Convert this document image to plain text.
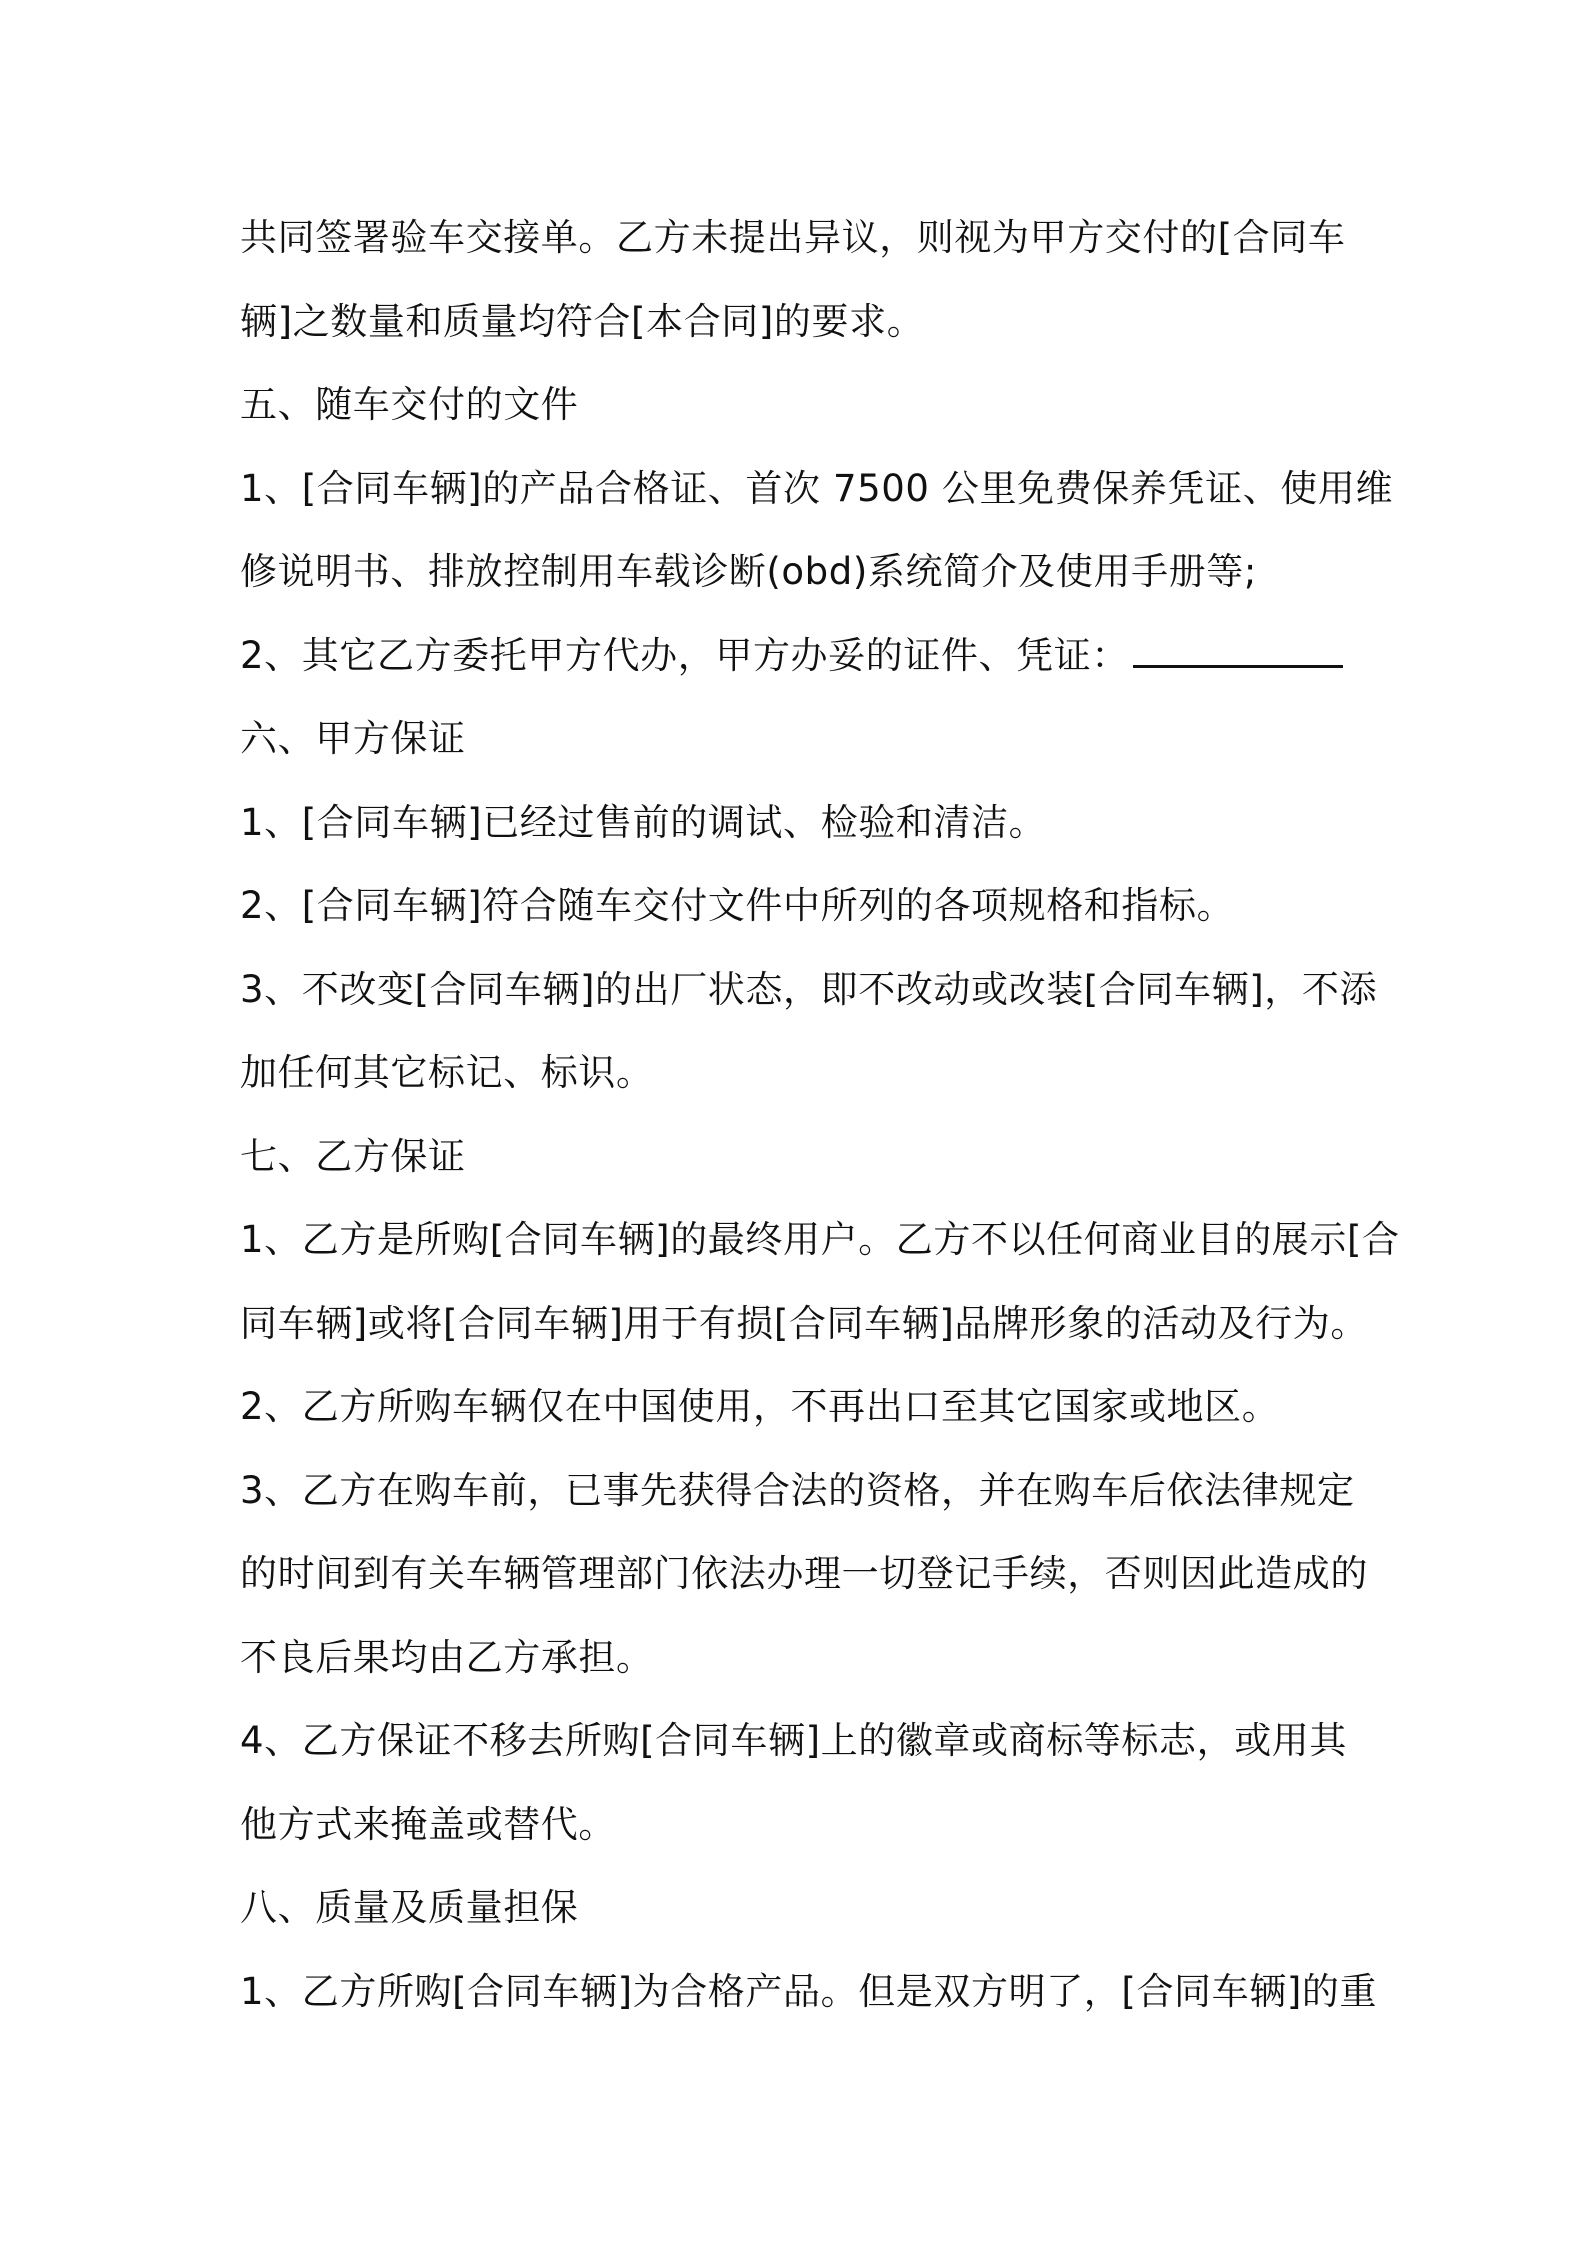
共同签署验车交接单。乙方未提出异议，则视为甲方交付的[合同车
辆]之数量和质量均符合[本合同]的要求。
五、随车交付的文件
1、[合同车辆]的产品合格证、首次 7500 公里免费保养凭证、使用维
修说明书、排放控制用车载诊断(obd)系统简介及使用手册等;
2、其它乙方委托甲方代办，甲方办妥的证件、凭证：
六、甲方保证
1、[合同车辆]已经过售前的调试、检验和清洁。
2、[合同车辆]符合随车交付文件中所列的各项规格和指标。
3、不改变[合同车辆]的出厂状态，即不改动或改装[合同车辆]，不添
加任何其它标记、标识。
七、乙方保证
1、乙方是所购[合同车辆]的最终用户。乙方不以任何商业目的展示[合
同车辆]或将[合同车辆]用于有损[合同车辆]品牌形象的活动及行为。
2、乙方所购车辆仅在中国使用，不再出口至其它国家或地区。
3、乙方在购车前，已事先获得合法的资格，并在购车后依法律规定
的时间到有关车辆管理部门依法办理一切登记手续，否则因此造成的
不良后果均由乙方承担。
4、乙方保证不移去所购[合同车辆]上的徽章或商标等标志，或用其
他方式来掩盖或替代。
八、质量及质量担保
1、乙方所购[合同车辆]为合格产品。但是双方明了，[合同车辆]的重
